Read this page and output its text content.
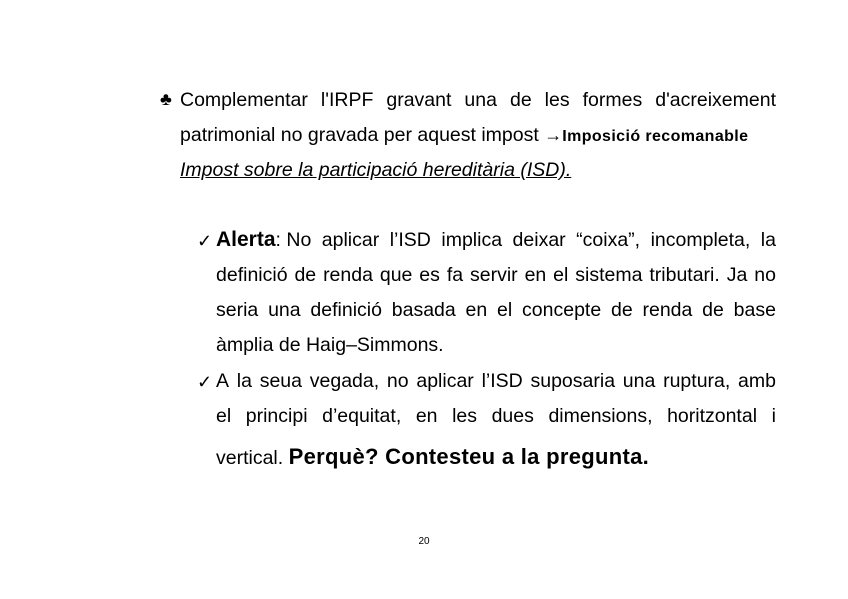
♣ Complementar l'IRPF gravant una de les formes d'acreixement
patrimonial no gravada per aquest impost →Imposició recomanable
Impost sobre la participació hereditària (ISD).
✓ Alerta: No aplicar l’ISD implica deixar “coixa”, incompleta, la
definició de renda que es fa servir en el sistema tributari. Ja no
seria una definició basada en el concepte de renda de base
àmplia de Haig–Simmons.
✓ A la seua vegada, no aplicar l’ISD suposaria una ruptura, amb
el principi d’equitat, en les dues dimensions, horitzontal i
vertical. Perquè? Contesteu a la pregunta.
20
